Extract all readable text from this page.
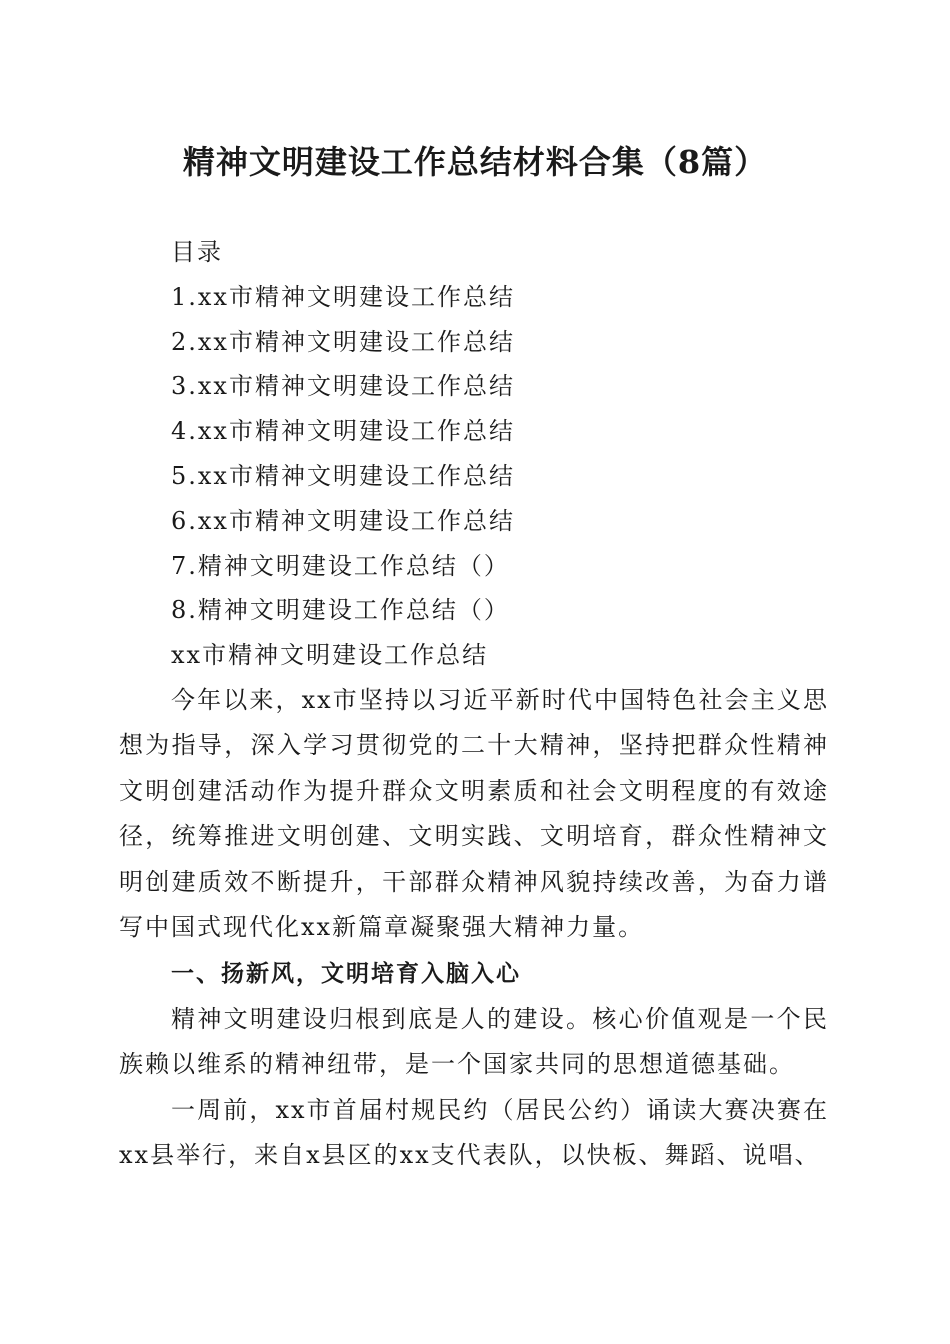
精神文明建设工作总结材料合集（8篇）

目录

1.xx市精神文明建设工作总结

2.xx市精神文明建设工作总结

3.xx市精神文明建设工作总结

4.xx市精神文明建设工作总结

5.xx市精神文明建设工作总结

6.xx市精神文明建设工作总结

7.精神文明建设工作总结（）

8.精神文明建设工作总结（）

xx市精神文明建设工作总结

今年以来，xx市坚持以习近平新时代中国特色社会主义思想为指导，深入学习贯彻党的二十大精神，坚持把群众性精神文明创建活动作为提升群众文明素质和社会文明程度的有效途径，统筹推进文明创建、文明实践、文明培育，群众性精神文明创建质效不断提升，干部群众精神风貌持续改善，为奋力谱写中国式现代化xx新篇章凝聚强大精神力量。

一、扬新风，文明培育入脑入心

精神文明建设归根到底是人的建设。核心价值观是一个民族赖以维系的精神纽带，是一个国家共同的思想道德基础。

一周前，xx市首届村规民约（居民公约）诵读大赛决赛在xx县举行，来自x县区的xx支代表队，以快板、舞蹈、说唱、
